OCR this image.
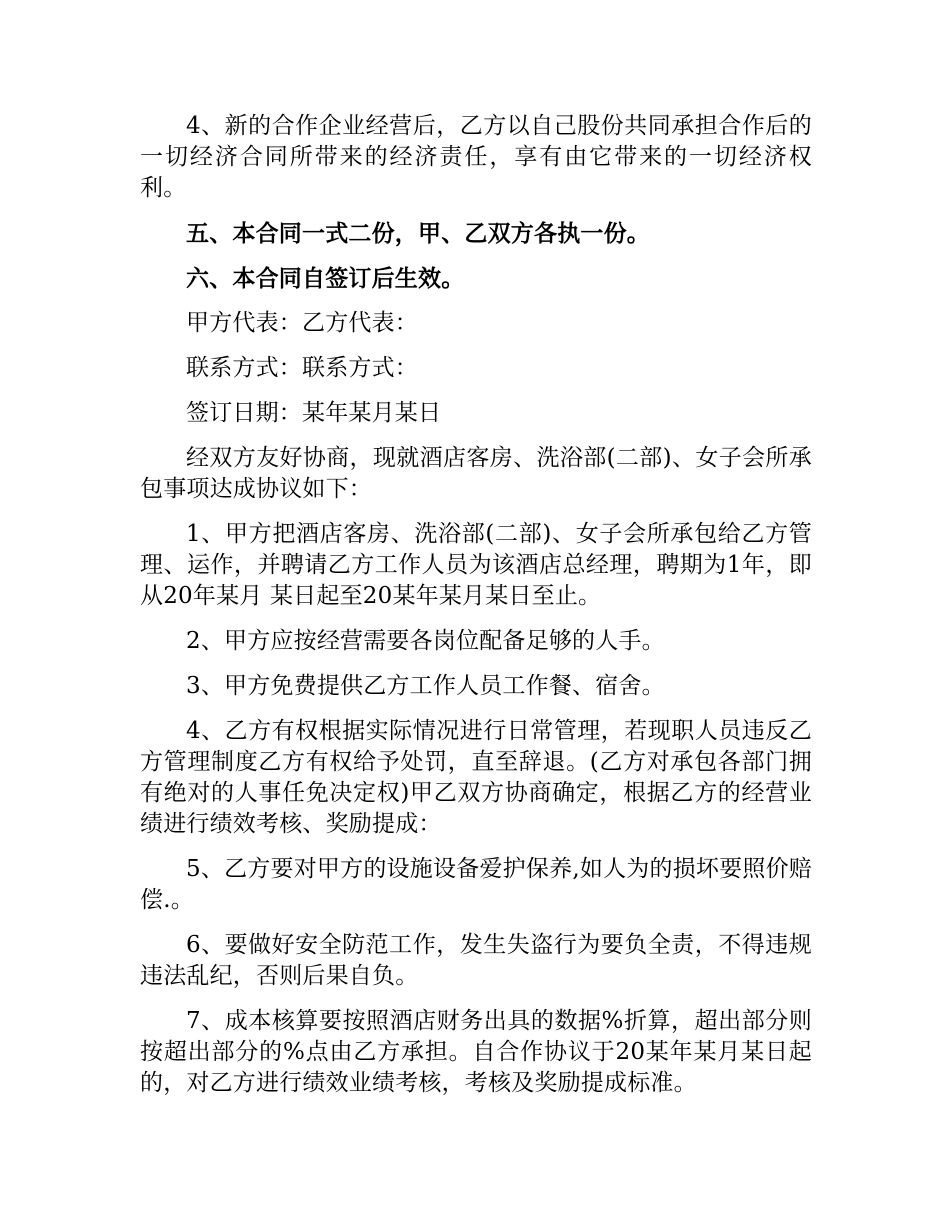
4、新的合作企业经营后，乙方以自己股份共同承担合作后的一切经济合同所带来的经济责任，享有由它带来的一切经济权利。

五、本合同一式二份，甲、乙双方各执一份。

六、本合同自签订后生效。

甲方代表：乙方代表：

联系方式：联系方式：

签订日期：某年某月某日

经双方友好协商，现就酒店客房、洗浴部(二部)、女子会所承包事项达成协议如下：

1、甲方把酒店客房、洗浴部(二部)、女子会所承包给乙方管理、运作，并聘请乙方工作人员为该酒店总经理，聘期为1年，即从20年某月 某日起至20某年某月某日至止。

2、甲方应按经营需要各岗位配备足够的人手。

3、甲方免费提供乙方工作人员工作餐、宿舍。

4、乙方有权根据实际情况进行日常管理，若现职人员违反乙方管理制度乙方有权给予处罚，直至辞退。(乙方对承包各部门拥有绝对的人事任免决定权)甲乙双方协商确定，根据乙方的经营业绩进行绩效考核、奖励提成：

5、乙方要对甲方的设施设备爱护保养,如人为的损坏要照价赔偿.。

6、要做好安全防范工作，发生失盗行为要负全责，不得违规违法乱纪，否则后果自负。

7、成本核算要按照酒店财务出具的数据%折算，超出部分则按超出部分的%点由乙方承担。自合作协议于20某年某月某日起的，对乙方进行绩效业绩考核，考核及奖励提成标准。
